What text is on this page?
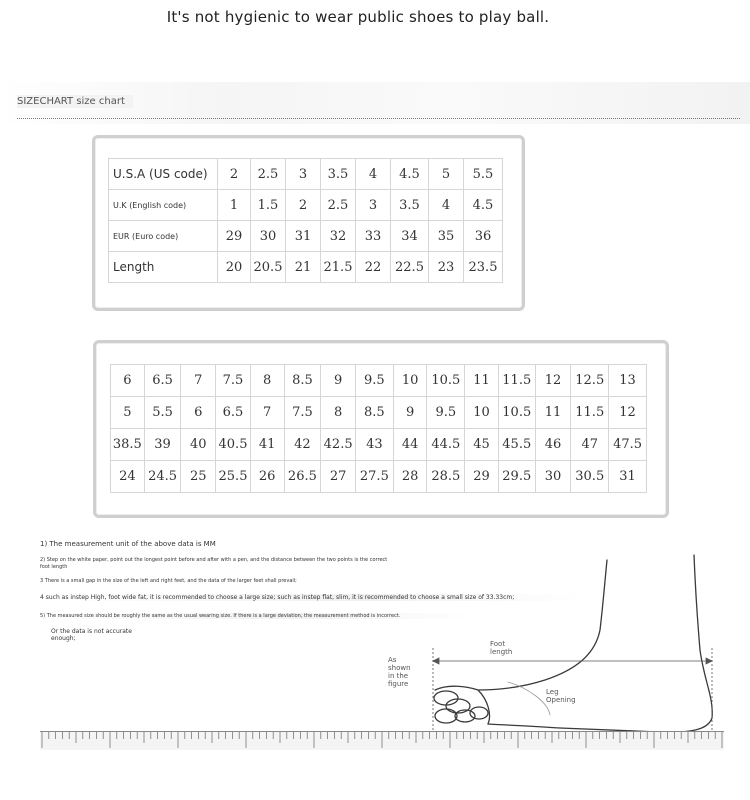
It's not hygienic to wear public shoes to play ball.
SIZECHART size chart
U.S.A (US code)	2	2.5	3	3.5	4	4.5	5	5.5
U.K (English code)	1	1.5	2	2.5	3	3.5	4	4.5
EUR (Euro code)	29	30	31	32	33	34	35	36
Length	20	20.5	21	21.5	22	22.5	23	23.5
6	6.5	7	7.5	8	8.5	9	9.5	10	10.5	11	11.5	12	12.5	13
5	5.5	6	6.5	7	7.5	8	8.5	9	9.5	10	10.5	11	11.5	12
38.5	39	40	40.5	41	42	42.5	43	44	44.5	45	45.5	46	47	47.5
24	24.5	25	25.5	26	26.5	27	27.5	28	28.5	29	29.5	30	30.5	31
1) The measurement unit of the above data is MM
2) Step on the white paper, point out the longest point before and after with a pen, and the distance between the two points is the correct
foot length
3 There is a small gap in the size of the left and right feet, and the data of the larger feet shall prevail;
4 such as instep High, foot wide fat, it is recommended to choose a large size; such as instep flat, slim, it is recommended to choose a small size of 33.33cm;
5) The measured size should be roughly the same as the usual wearing size. If there is a large deviation, the measurement method is incorrect.
Or the data is not accurate
enough;
Foot
length
As
shown
in the
figure
Leg
Opening
